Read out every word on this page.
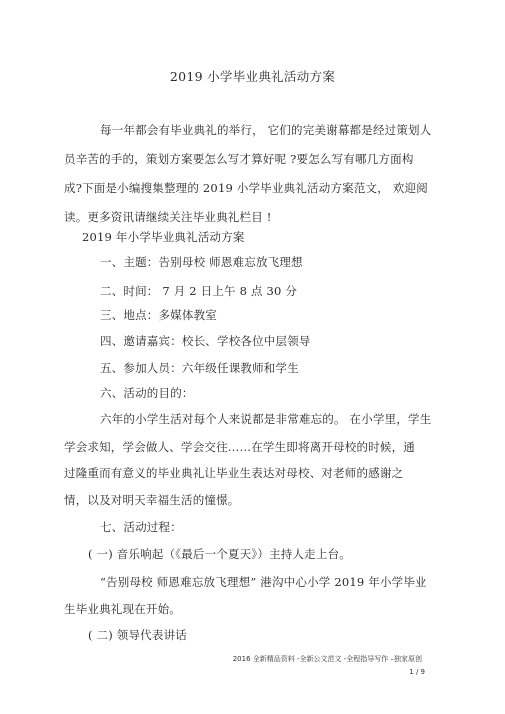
2019 小学毕业典礼活动方案
每一年都会有毕业典礼的举行， 它们的完美谢幕都是经过策划人
员辛苦的手的，策划方案要怎么写才算好呢 ?要怎么写有哪几方面构
成?下面是小编搜集整理的 2019 小学毕业典礼活动方案范文， 欢迎阅
读。更多资讯请继续关注毕业典礼栏目 !
2019 年小学毕业典礼活动方案
一、主题：告别母校 师恩难忘放飞理想
二、时间： 7 月 2 日上午 8 点 30 分
三、地点：多媒体教室
四、邀请嘉宾：校长、学校各位中层领导
五、参加人员：六年级任课教师和学生
六、活动的目的：
六年的小学生活对每个人来说都是非常难忘的。 在小学里，学生
学会求知，学会做人、学会交往……在学生即将离开母校的时候，通
过隆重而有意义的毕业典礼让毕业生表达对母校、对老师的感谢之
情，以及对明天幸福生活的憧憬。
七、活动过程：
( 一) 音乐响起（《最后一个夏天》）主持人走上台。
“告别母校 师恩难忘放飞理想” 港沟中心小学 2019 年小学毕业
生毕业典礼现在开始。
( 二) 领导代表讲话
2016 全新精品资料 -全新公文范文 -全程指导写作 –独家原创
1 / 9
